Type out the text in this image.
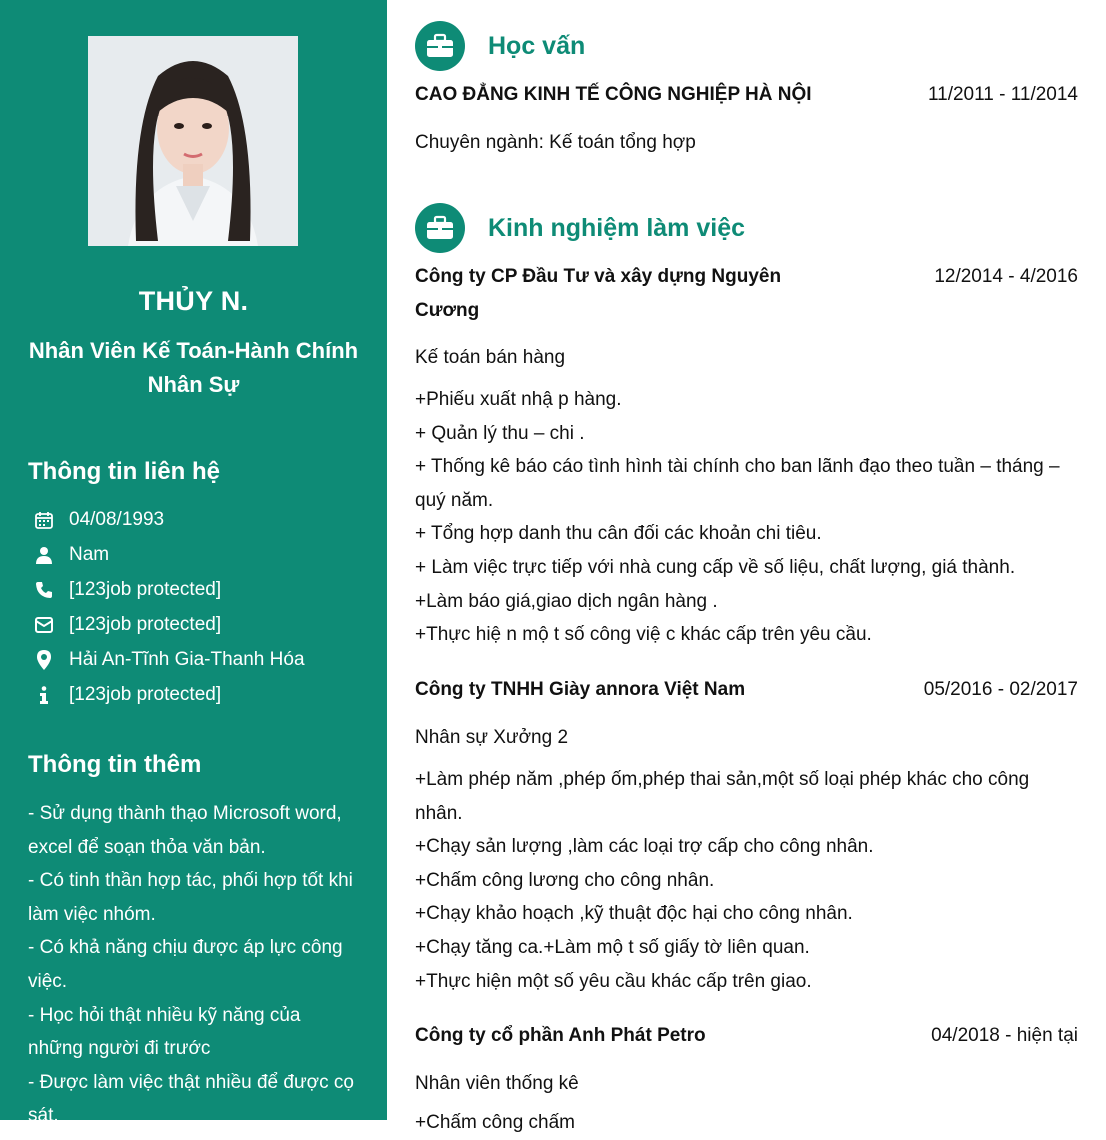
THỦY N.
Nhân Viên Kế Toán-Hành Chính Nhân Sự
Thông tin liên hệ
04/08/1993
Nam
[123job protected]
[123job protected]
Hải An-Tĩnh Gia-Thanh Hóa
[123job protected]
Thông tin thêm
- Sử dụng thành thạo Microsoft word,
excel để soạn thỏa văn bản.
- Có tinh thần hợp tác, phối hợp tốt khi
làm việc nhóm.
- Có khả năng chịu được áp lực công
việc.
- Học hỏi thật nhiều kỹ năng của
những người đi trước
- Được làm việc thật nhiều để được cọ
sát.
Học vấn
CAO ĐẲNG KINH TẾ CÔNG NGHIỆP HÀ NỘI	11/2011 - 11/2014
Chuyên ngành: Kế toán tổng hợp
Kinh nghiệm làm việc
Công ty CP Đầu Tư và xây dựng Nguyên
Cương
12/2014 - 4/2016
Kế toán bán hàng
+Phiếu xuất nhậ p hàng.
+ Quản lý thu – chi .
+ Thống kê báo cáo tình hình tài chính cho ban lãnh đạo theo tuần – tháng –
quý năm.
+ Tổng hợp danh thu cân đối các khoản chi tiêu.
+ Làm việc trực tiếp với nhà cung cấp về số liệu, chất lượng, giá thành.
+Làm báo giá,giao dịch ngân hàng .
+Thực hiệ n mộ t số công việ c khác cấp trên yêu cầu.
Công ty TNHH Giày annora Việt Nam	05/2016 - 02/2017
Nhân sự Xưởng 2
+Làm phép năm ,phép ốm,phép thai sản,một số loại phép khác cho công
nhân.
+Chạy sản lượng ,làm các loại trợ cấp cho công nhân.
+Chấm công lương cho công nhân.
+Chạy khảo hoạch ,kỹ thuật độc hại cho công nhân.
+Chạy tăng ca.+Làm mộ t số giấy tờ liên quan.
+Thực hiện một số yêu cầu khác cấp trên giao.
Công ty cổ phần Anh Phát Petro	04/2018 - hiện tại
Nhân viên thống kê
+Chấm công chấm
